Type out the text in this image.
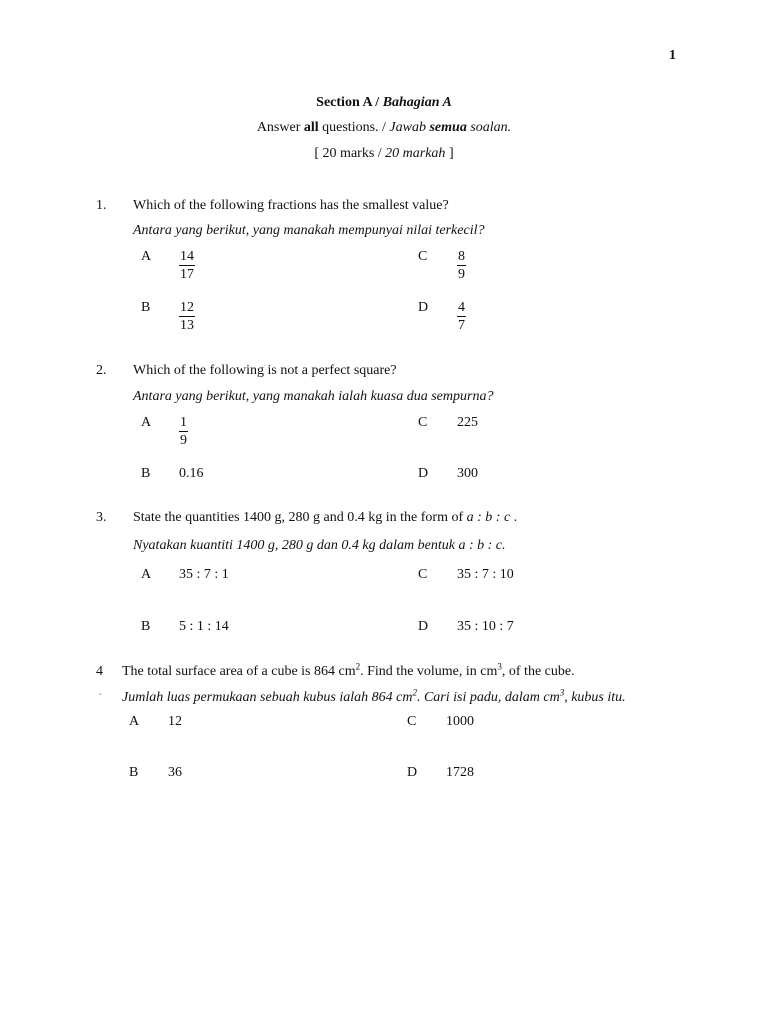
1
Section A / Bahagian A
Answer all questions. / Jawab semua soalan.
[ 20 marks / 20 markah ]
1. Which of the following fractions has the smallest value?
Antara yang berikut, yang manakah mempunyai nilai terkecil?
A $\frac{14}{17}$	C $\frac{8}{9}$
B $\frac{12}{13}$	D $\frac{4}{7}$
2. Which of the following is not a perfect square?
Antara yang berikut, yang manakah ialah kuasa dua sempurna?
A $\frac{1}{9}$	C 225
B 0.16	D 300
3. State the quantities 1400 g, 280 g and 0.4 kg in the form of a : b : c .
Nyatakan kuantiti 1400 g, 280 g dan 0.4 kg dalam bentuk a : b : c.
A 35 : 7 : 1	C 35 : 7 : 10
B 5 : 1 : 14	D 35 : 10 : 7
4 The total surface area of a cube is 864 $cm^2$. Find the volume, in $cm^3$, of the cube.
· Jumlah luas permukaan sebuah kubus ialah 864 $cm^2$. Cari isi padu, dalam $cm^3$, kubus itu.
A 12	C 1000
B 36	D 1728
